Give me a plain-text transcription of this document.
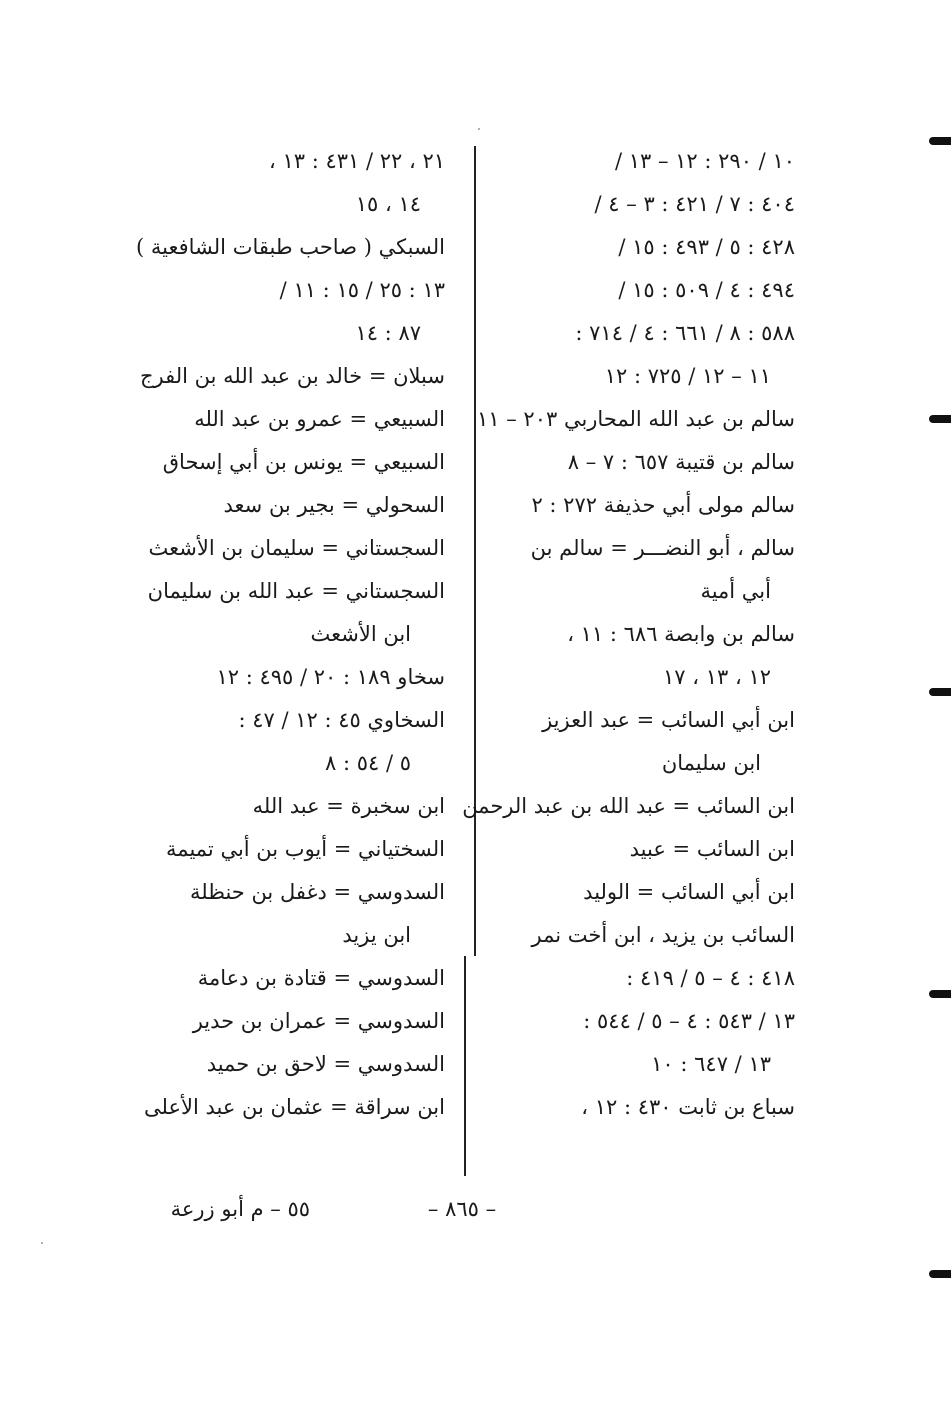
١٠ / ٢٩٠ : ١٢ – ١٣ /
٤٠٤ : ٧ / ٤٢١ : ٣ – ٤ /
٤٢٨ : ٥ / ٤٩٣ : ١٥ /
٤٩٤ : ٤ / ٥٠٩ : ١٥ /
٥٨٨ : ٨ / ٦٦١ : ٤ / ٧١٤ :
١١ – ١٢ / ٧٢٥ : ١٢
سالم بن عبد الله المحاربي ٢٠٣ – ١١
سالم بن قتيبة ٦٥٧ : ٧ – ٨
سالم مولى أبي حذيفة ٢٧٢ : ٢
سالم ، أبو النضـــر = سالم بن
أبي أمية
سالم بن وابصة ٦٨٦ : ١١ ،
١٢ ، ١٣ ، ١٧
ابن أبي السائب = عبد العزيز
ابن سليمان
ابن السائب = عبد الله بن عبد الرحمن
ابن السائب = عبيد
ابن أبي السائب = الوليد
السائب بن يزيد ، ابن أخت نمر
٤١٨ : ٤ – ٥ / ٤١٩ :
١٣ / ٥٤٣ : ٤ – ٥ / ٥٤٤ :
١٣ / ٦٤٧ : ١٠
سباع بن ثابت ٤٣٠ : ١٢ ،
٢١ ، ٢٢ / ٤٣١ : ١٣ ،
١٤ ، ١٥
السبكي ( صاحب طبقات الشافعية )
١٣ : ٢٥ / ١٥ : ١١ /
٨٧ : ١٤
سبلان = خالد بن عبد الله بن الفرج
السبيعي = عمرو بن عبد الله
السبيعي = يونس بن أبي إسحاق
السحولي = بجير بن سعد
السجستاني = سليمان بن الأشعث
السجستاني = عبد الله بن سليمان
ابن الأشعث
سخاو ١٨٩ : ٢٠ / ٤٩٥ : ١٢
السخاوي ٤٥ : ١٢ / ٤٧ :
٥ / ٥٤ : ٨
ابن سخبرة = عبد الله
السختياني = أيوب بن أبي تميمة
السدوسي = دغفل بن حنظلة
ابن يزيد
السدوسي = قتادة بن دعامة
السدوسي = عمران بن حدير
السدوسي = لاحق بن حميد
ابن سراقة = عثمان بن عبد الأعلى
– ٨٦٥ –
٥٥ – م أبو زرعة
